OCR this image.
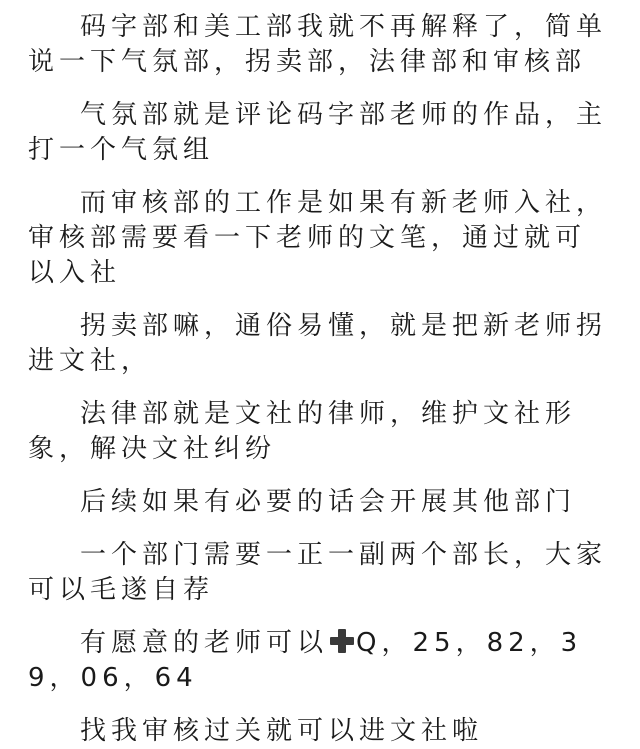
码字部和美工部我就不再解释了，简单说一下气氛部，拐卖部，法律部和审核部

气氛部就是评论码字部老师的作品，主打一个气氛组

而审核部的工作是如果有新老师入社，审核部需要看一下老师的文笔，通过就可以入社

拐卖部嘛，通俗易懂，就是把新老师拐进文社，

法律部就是文社的律师，维护文社形象，解决文社纠纷

后续如果有必要的话会开展其他部门

一个部门需要一正一副两个部长，大家可以毛遂自荐

有愿意的老师可以 Q，25，82，39，06，64

找我审核过关就可以进文社啦
